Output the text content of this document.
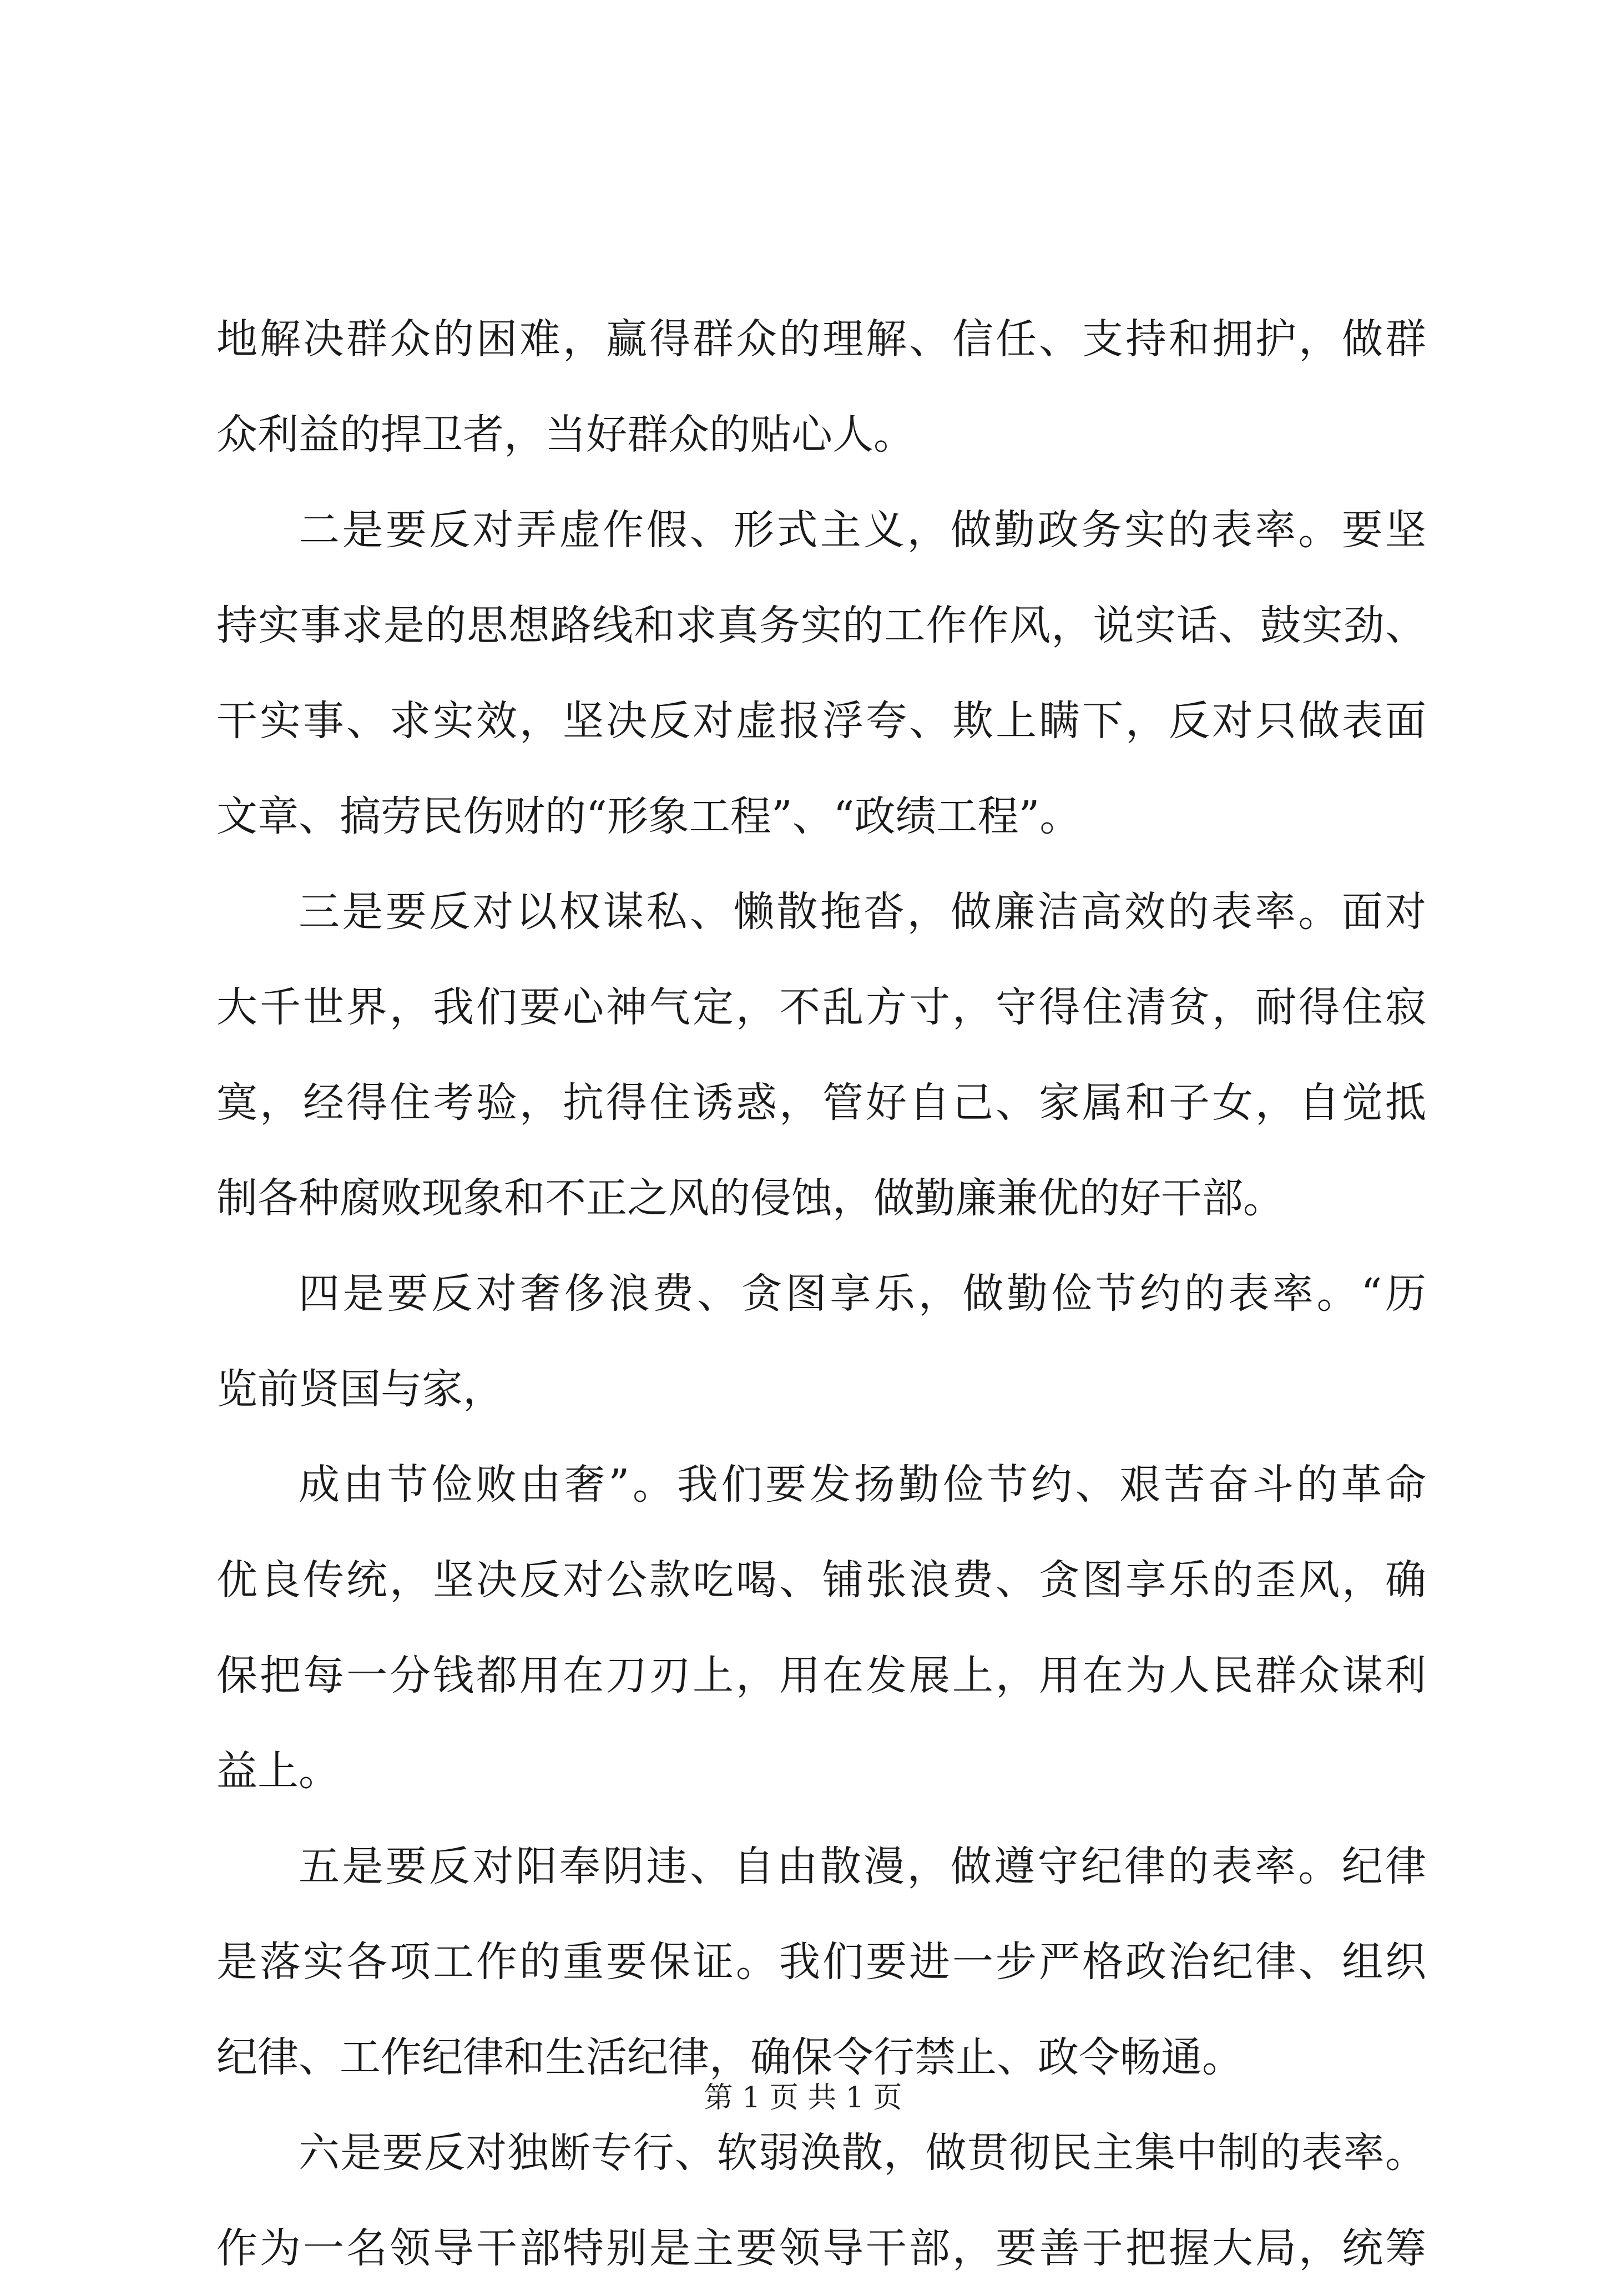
地解决群众的困难，赢得群众的理解、信任、支持和拥护，做群
众利益的捍卫者，当好群众的贴心人。
二是要反对弄虚作假、形式主义，做勤政务实的表率。要坚
持实事求是的思想路线和求真务实的工作作风，说实话、鼓实劲、
干实事、求实效，坚决反对虚报浮夸、欺上瞒下，反对只做表面
文章、搞劳民伤财的“形象工程”、“政绩工程”。
三是要反对以权谋私、懒散拖沓，做廉洁高效的表率。面对
大千世界，我们要心神气定，不乱方寸，守得住清贫，耐得住寂
寞，经得住考验，抗得住诱惑，管好自己、家属和子女，自觉抵
制各种腐败现象和不正之风的侵蚀，做勤廉兼优的好干部。
四是要反对奢侈浪费、贪图享乐，做勤俭节约的表率。“历
览前贤国与家，
成由节俭败由奢”。我们要发扬勤俭节约、艰苦奋斗的革命
优良传统，坚决反对公款吃喝、铺张浪费、贪图享乐的歪风，确
保把每一分钱都用在刀刃上，用在发展上，用在为人民群众谋利
益上。
五是要反对阳奉阴违、自由散漫，做遵守纪律的表率。纪律
是落实各项工作的重要保证。我们要进一步严格政治纪律、组织
纪律、工作纪律和生活纪律，确保令行禁止、政令畅通。
六是要反对独断专行、软弱涣散，做贯彻民主集中制的表率。
作为一名领导干部特别是主要领导干部，要善于把握大局，统筹
第 1 页 共 1 页
